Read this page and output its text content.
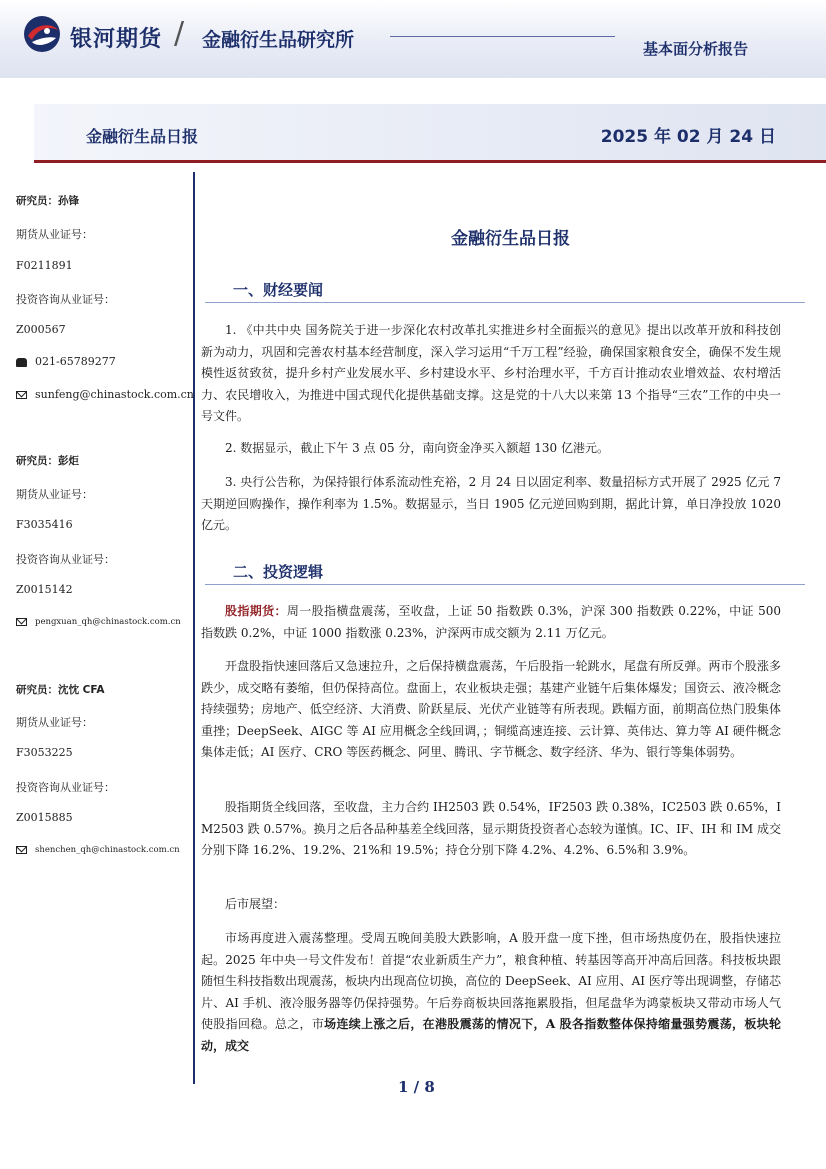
银河期货 / 金融衍生品研究所	基本面分析报告
金融衍生品日报	2025 年 02 月 24 日
研究员：孙锋
期货从业证号：
F0211891
投资咨询从业证号：
Z000567
021-65789277
sunfeng@chinastock.com.cn
研究员：彭炬
期货从业证号：
F3035416
投资咨询从业证号：
Z0015142
pengxuan_qh@chinastock.com.cn
研究员：沈忱 CFA
期货从业证号：
F3053225
投资咨询从业证号：
Z0015885
shenchen_qh@chinastock.com.cn
金融衍生品日报
一、财经要闻
1. 《中共中央 国务院关于进一步深化农村改革扎实推进乡村全面振兴的意见》提出以改革开放和科技创新为动力，巩固和完善农村基本经营制度，深入学习运用“千万工程”经验，确保国家粮食安全，确保不发生规模性返贫致贫，提升乡村产业发展水平、乡村建设水平、乡村治理水平，千方百计推动农业增效益、农村增活力、农民增收入，为推进中国式现代化提供基础支撑。这是党的十八大以来第 13 个指导“三农”工作的中央一号文件。
2. 数据显示，截止下午 3 点 05 分，南向资金净买入额超 130 亿港元。
3. 央行公告称，为保持银行体系流动性充裕，2 月 24 日以固定利率、数量招标方式开展了 2925 亿元 7 天期逆回购操作，操作利率为 1.5%。数据显示，当日 1905 亿元逆回购到期，据此计算，单日净投放 1020 亿元。
二、投资逻辑
股指期货：周一股指横盘震荡，至收盘，上证 50 指数跌 0.3%，沪深 300 指数跌 0.22%，中证 500 指数跌 0.2%，中证 1000 指数涨 0.23%，沪深两市成交额为 2.11 万亿元。
开盘股指快速回落后又急速拉升，之后保持横盘震荡，午后股指一轮跳水，尾盘有所反弹。两市个股涨多跌少，成交略有萎缩，但仍保持高位。盘面上，农业板块走强；基建产业链午后集体爆发；国资云、液冷概念持续强势；房地产、低空经济、大消费、阶跃星辰、光伏产业链等有所表现。跌幅方面，前期高位热门股集体重挫；DeepSeek、AIGC 等 AI 应用概念全线回调，；铜缆高速连接、云计算、英伟达、算力等 AI 硬件概念集体走低；AI 医疗、CRO 等医药概念、阿里、腾讯、字节概念、数字经济、华为、银行等集体弱势。
股指期货全线回落，至收盘，主力合约 IH2503 跌 0.54%，IF2503 跌 0.38%，IC2503 跌 0.65%，IM2503 跌 0.57%。换月之后各品种基差全线回落，显示期货投资者心态较为谨慎。IC、IF、IH 和 IM 成交分别下降 16.2%、19.2%、21%和 19.5%；持仓分别下降 4.2%、4.2%、6.5%和 3.9%。
后市展望：
市场再度进入震荡整理。受周五晚间美股大跌影响，A 股开盘一度下挫，但市场热度仍在，股指快速拉起。2025 年中央一号文件发布！首提“农业新质生产力”，粮食种植、转基因等高开冲高后回落。科技板块跟随恒生科技指数出现震荡，板块内出现高位切换，高位的 DeepSeek、AI 应用、AI 医疗等出现调整，存储芯片、AI 手机、液冷服务器等仍保持强势。午后券商板块回落拖累股指，但尾盘华为鸿蒙板块又带动市场人气使股指回稳。总之，市场连续上涨之后，在港股震荡的情况下，A 股各指数整体保持缩量强势震荡，板块轮动，成交
1 / 8
